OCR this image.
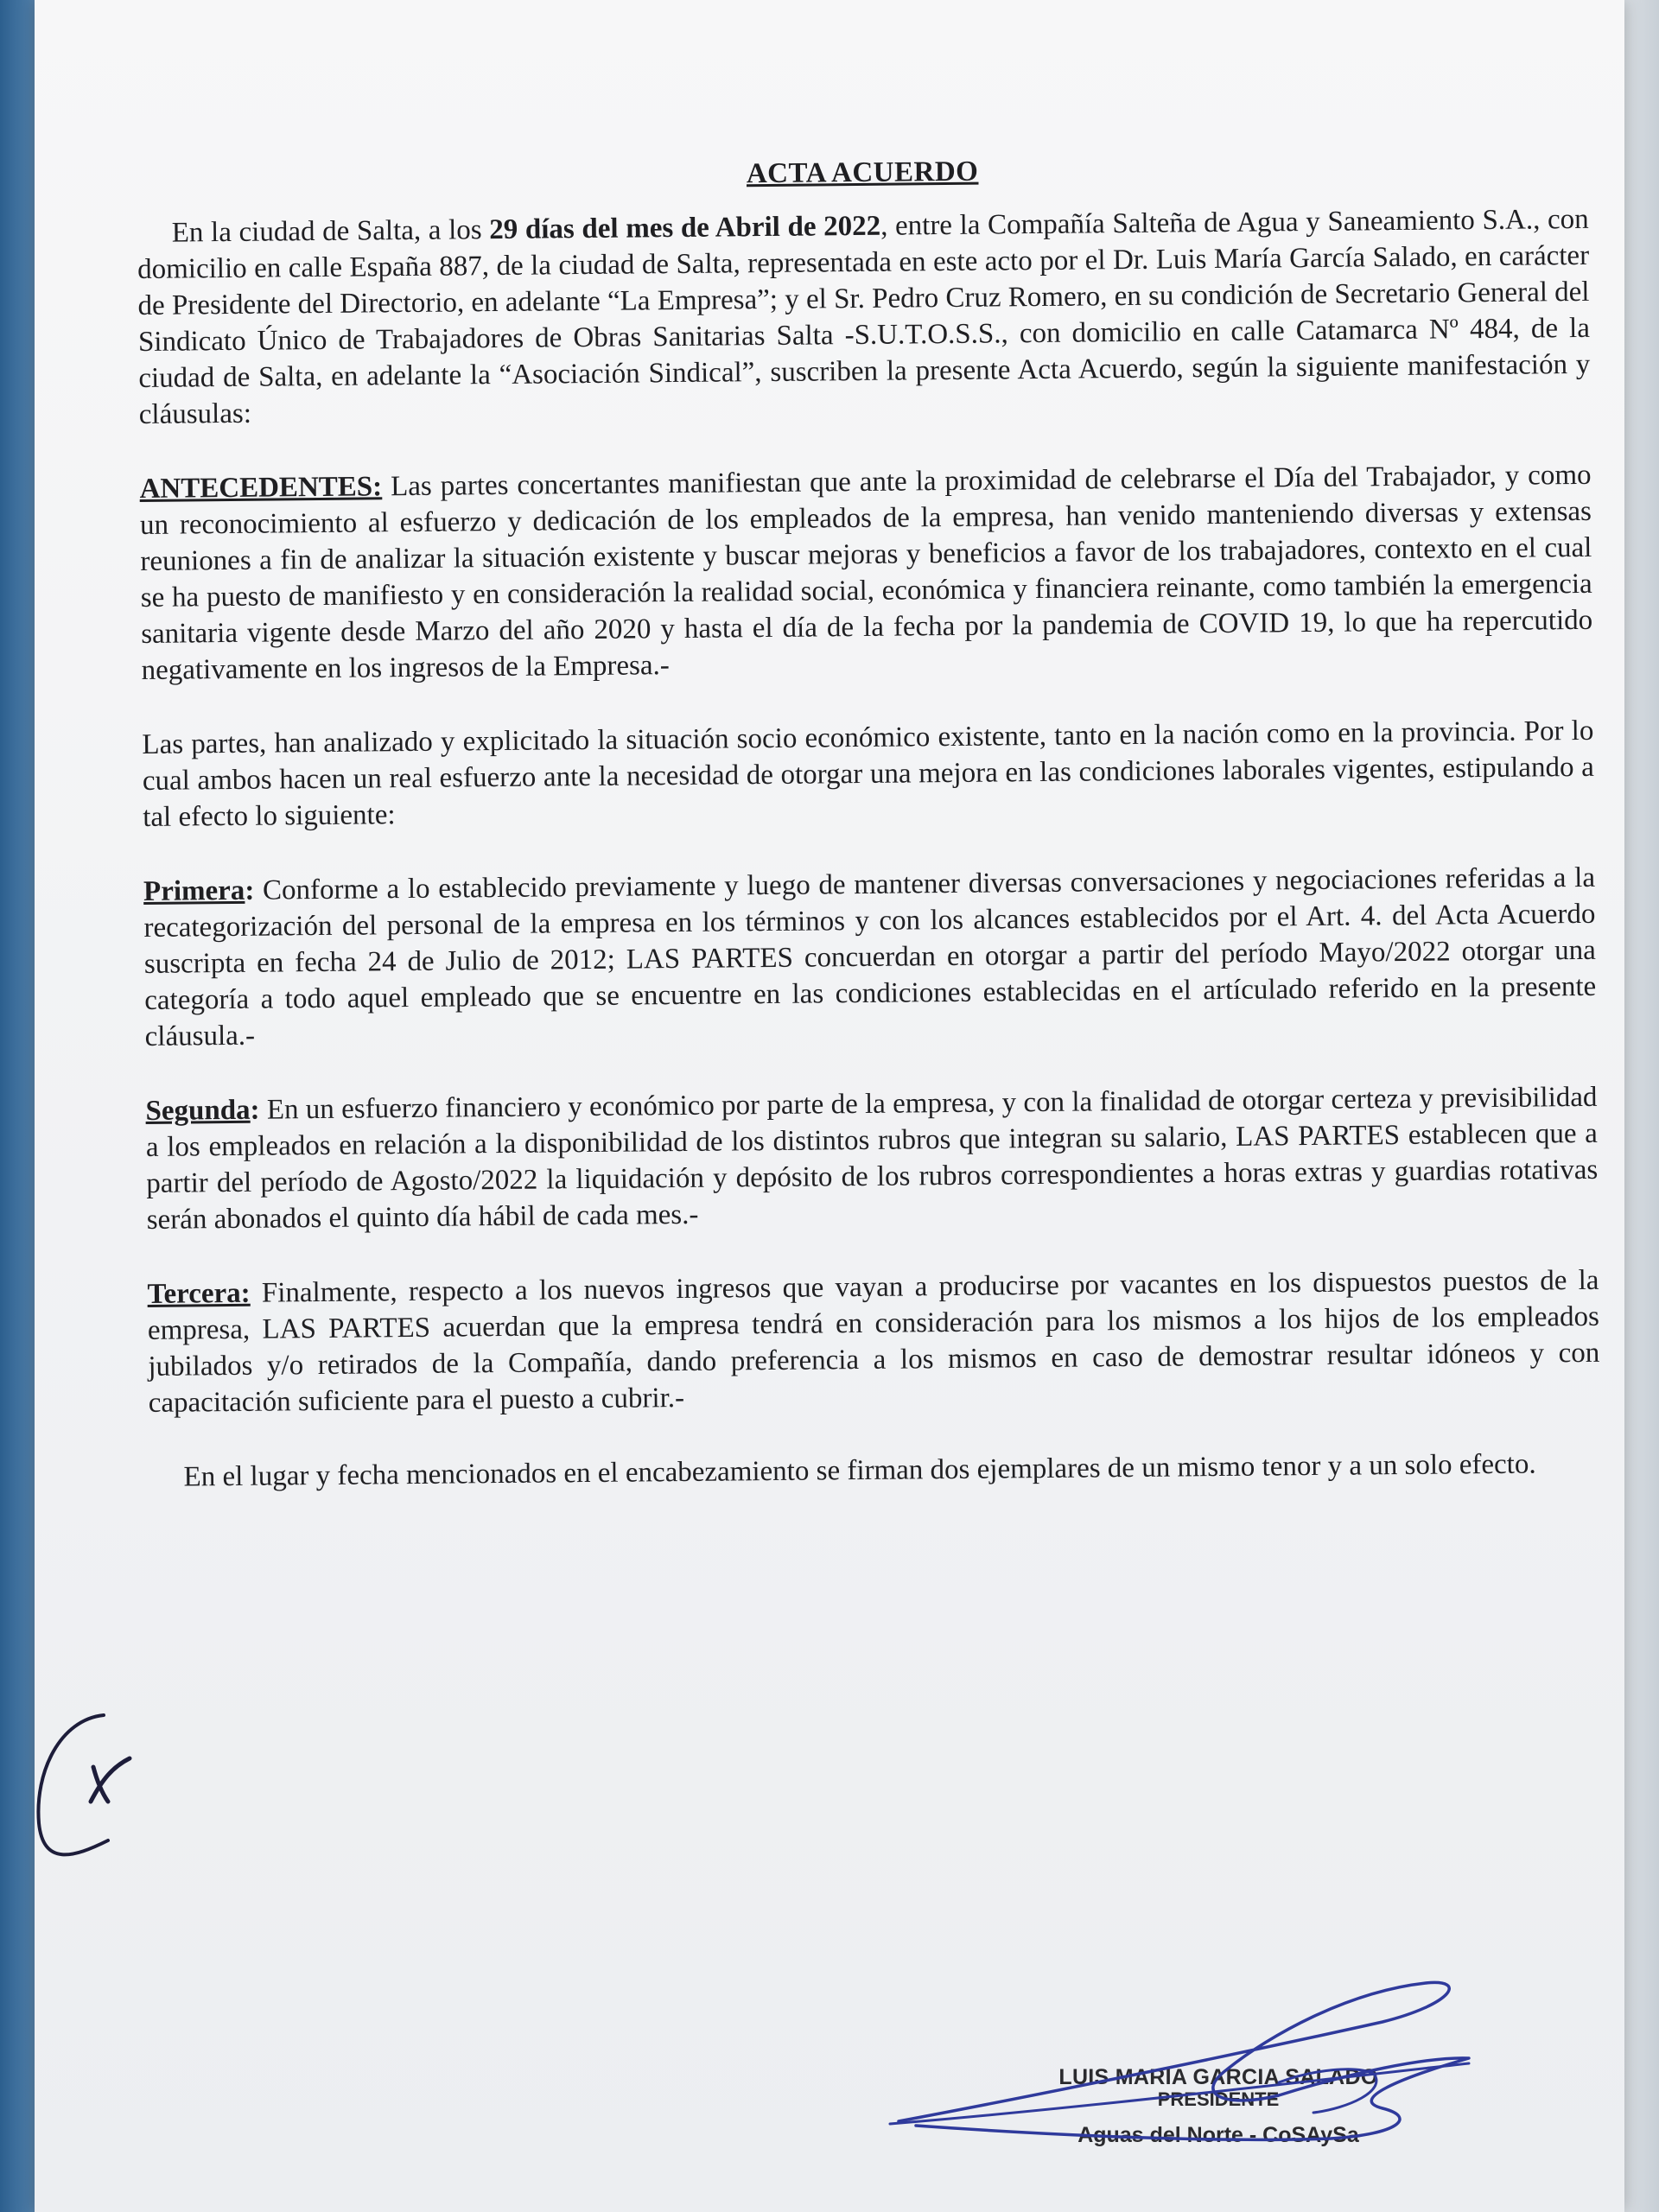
ACTA ACUERDO

En la ciudad de Salta, a los 29 días del mes de Abril de 2022, entre la Compañía Salteña de Agua y Saneamiento S.A., con domicilio en calle España 887, de la ciudad de Salta, representada en este acto por el Dr. Luis María García Salado, en carácter de Presidente del Directorio, en adelante “La Empresa”; y el Sr. Pedro Cruz Romero, en su condición de Secretario General del Sindicato Único de Trabajadores de Obras Sanitarias Salta -S.U.T.O.S.S., con domicilio en calle Catamarca Nº 484, de la ciudad de Salta, en adelante la “Asociación Sindical”, suscriben la presente Acta Acuerdo, según la siguiente manifestación y cláusulas:

ANTECEDENTES: Las partes concertantes manifiestan que ante la proximidad de celebrarse el Día del Trabajador, y como un reconocimiento al esfuerzo y dedicación de los empleados de la empresa, han venido manteniendo diversas y extensas reuniones a fin de analizar la situación existente y buscar mejoras y beneficios a favor de los trabajadores, contexto en el cual se ha puesto de manifiesto y en consideración la realidad social, económica y financiera reinante, como también la emergencia sanitaria vigente desde Marzo del año 2020 y hasta el día de la fecha por la pandemia de COVID 19, lo que ha repercutido negativamente en los ingresos de la Empresa.-

Las partes, han analizado y explicitado la situación socio económico existente, tanto en la nación como en la provincia. Por lo cual ambos hacen un real esfuerzo ante la necesidad de otorgar una mejora en las condiciones laborales vigentes, estipulando a tal efecto lo siguiente:

Primera: Conforme a lo establecido previamente y luego de mantener diversas conversaciones y negociaciones referidas a la recategorización del personal de la empresa en los términos y con los alcances establecidos por el Art. 4. del Acta Acuerdo suscripta en fecha 24 de Julio de 2012; LAS PARTES concuerdan en otorgar a partir del período Mayo/2022 otorgar una categoría a todo aquel empleado que se encuentre en las condiciones establecidas en el artículado referido en la presente cláusula.-

Segunda: En un esfuerzo financiero y económico por parte de la empresa, y con la finalidad de otorgar certeza y previsibilidad a los empleados en relación a la disponibilidad de los distintos rubros que integran su salario, LAS PARTES establecen que a partir del período de Agosto/2022 la liquidación y depósito de los rubros correspondientes a horas extras y guardias rotativas serán abonados el quinto día hábil de cada mes.-

Tercera: Finalmente, respecto a los nuevos ingresos que vayan a producirse por vacantes en los dispuestos puestos de la empresa, LAS PARTES acuerdan que la empresa tendrá en consideración para los mismos a los hijos de los empleados jubilados y/o retirados de la Compañía, dando preferencia a los mismos en caso de demostrar resultar idóneos y con capacitación suficiente para el puesto a cubrir.-

En el lugar y fecha mencionados en el encabezamiento se firman dos ejemplares de un mismo tenor y a un solo efecto.

LUIS MARIA GARCIA SALADO
PRESIDENTE
Aguas del Norte - CoSAySa
